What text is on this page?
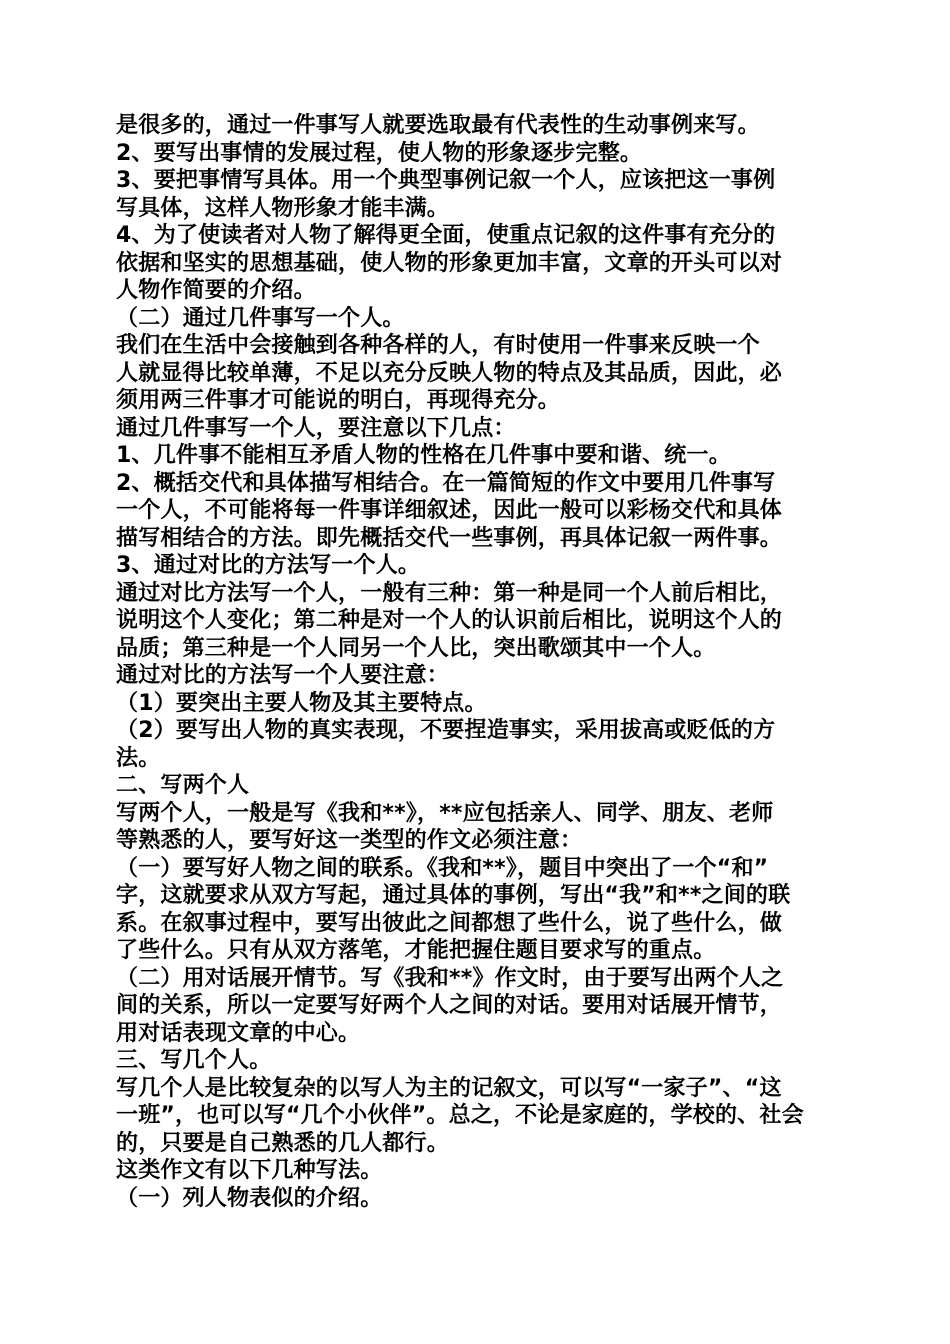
是很多的，通过一件事写人就要选取最有代表性的生动事例来写。
2、要写出事情的发展过程，使人物的形象逐步完整。
3、要把事情写具体。用一个典型事例记叙一个人，应该把这一事例
写具体，这样人物形象才能丰满。
4、为了使读者对人物了解得更全面，使重点记叙的这件事有充分的
依据和坚实的思想基础，使人物的形象更加丰富，文章的开头可以对
人物作简要的介绍。
（二）通过几件事写一个人。
我们在生活中会接触到各种各样的人，有时使用一件事来反映一个
人就显得比较单薄，不足以充分反映人物的特点及其品质，因此，必
须用两三件事才可能说的明白，再现得充分。
通过几件事写一个人，要注意以下几点：
1、几件事不能相互矛盾人物的性格在几件事中要和谐、统一。
2、概括交代和具体描写相结合。在一篇简短的作文中要用几件事写
一个人，不可能将每一件事详细叙述，因此一般可以彩杨交代和具体
描写相结合的方法。即先概括交代一些事例，再具体记叙一两件事。
3、通过对比的方法写一个人。
通过对比方法写一个人，一般有三种：第一种是同一个人前后相比，
说明这个人变化；第二种是对一个人的认识前后相比，说明这个人的
品质；第三种是一个人同另一个人比，突出歌颂其中一个人。
通过对比的方法写一个人要注意：
（1）要突出主要人物及其主要特点。
（2）要写出人物的真实表现，不要捏造事实，采用拔高或贬低的方
法。
二、写两个人
写两个人，一般是写《我和**》，**应包括亲人、同学、朋友、老师
等熟悉的人，要写好这一类型的作文必须注意：
（一）要写好人物之间的联系。《我和**》，题目中突出了一个“和”
字，这就要求从双方写起，通过具体的事例，写出“我”和**之间的联
系。在叙事过程中，要写出彼此之间都想了些什么，说了些什么，做
了些什么。只有从双方落笔，才能把握住题目要求写的重点。
（二）用对话展开情节。写《我和**》作文时，由于要写出两个人之
间的关系，所以一定要写好两个人之间的对话。要用对话展开情节，
用对话表现文章的中心。
三、写几个人。
写几个人是比较复杂的以写人为主的记叙文，可以写“一家子”、“这
一班”，也可以写“几个小伙伴”。总之，不论是家庭的，学校的、社会
的，只要是自己熟悉的几人都行。
这类作文有以下几种写法。
（一）列人物表似的介绍。
